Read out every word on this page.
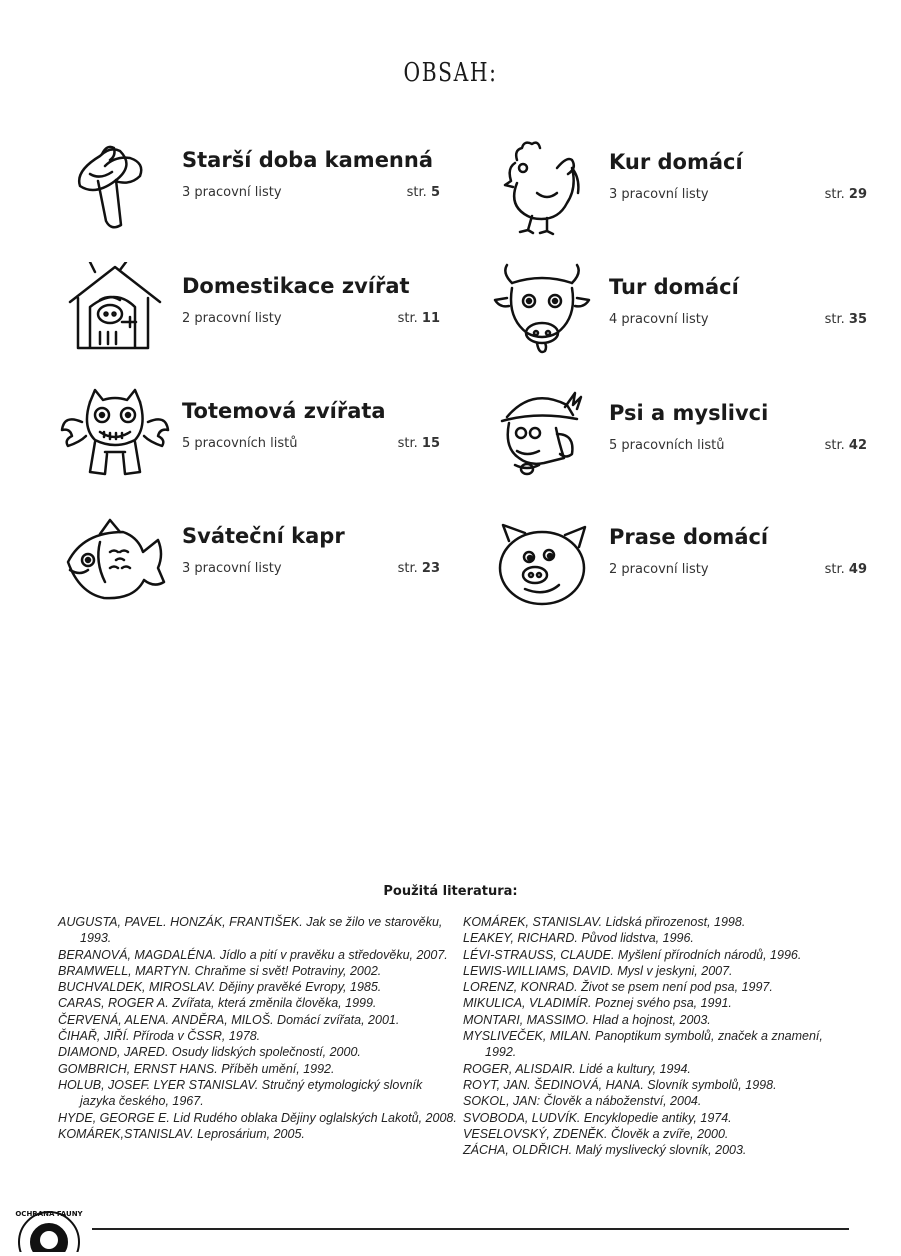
OBSAH:
Starší doba kamenná
3 pracovní listy	str. 5
Kur domácí
3 pracovní listy	str. 29
Domestikace zvířat
2 pracovní listy	str. 11
Tur domácí
4 pracovní listy	str. 35
Totemová zvířata
5 pracovních listů	str. 15
Psi a myslivci
5 pracovních listů	str. 42
Sváteční kapr
3 pracovní listy	str. 23
Prase domácí
2 pracovní listy	str. 49
Použitá literatura:
AUGUSTA, PAVEL. HONZÁK, FRANTIŠEK. Jak se žilo ve starověku, 1993.
BERANOVÁ, MAGDALÉNA. Jídlo a pití v pravěku a středověku, 2007.
BRAMWELL, MARTYN. Chraňme si svět! Potraviny, 2002.
BUCHVALDEK, MIROSLAV. Dějiny pravěké Evropy, 1985.
CARAS, ROGER A. Zvířata, která změnila člověka, 1999.
ČERVENÁ, ALENA. ANDĚRA, MILOŠ. Domácí zvířata, 2001.
ČIHAŘ, JIŘÍ. Příroda v ČSSR, 1978.
DIAMOND, JARED. Osudy lidských společností, 2000.
GOMBRICH, ERNST HANS. Příběh umění, 1992.
HOLUB, JOSEF. LYER STANISLAV. Stručný etymologický slovník jazyka českého, 1967.
HYDE, GEORGE E. Lid Rudého oblaka Dějiny oglalských Lakotů, 2008.
KOMÁREK,STANISLAV. Leprosárium, 2005.
KOMÁREK, STANISLAV. Lidská přirozenost, 1998.
LEAKEY, RICHARD. Původ lidstva, 1996.
LÉVI-STRAUSS, CLAUDE. Myšlení přírodních národů, 1996.
LEWIS-WILLIAMS, DAVID. Mysl v jeskyni, 2007.
LORENZ, KONRAD. Život se psem není pod psa, 1997.
MIKULICA, VLADIMÍR. Poznej svého psa, 1991.
MONTARI, MASSIMO. Hlad a hojnost, 2003.
MYSLIVEČEK, MILAN. Panoptikum symbolů, značek a znamení, 1992.
ROGER, ALISDAIR. Lidé a kultury, 1994.
ROYT, JAN. ŠEDINOVÁ, HANA. Slovník symbolů, 1998.
SOKOL, JAN: Člověk a náboženství, 2004.
SVOBODA, LUDVÍK. Encyklopedie antiky, 1974.
VESELOVSKÝ, ZDENĚK. Člověk a zvíře, 2000.
ZÁCHA, OLDŘICH. Malý myslivecký slovník, 2003.
OCHRANA FAUNY
